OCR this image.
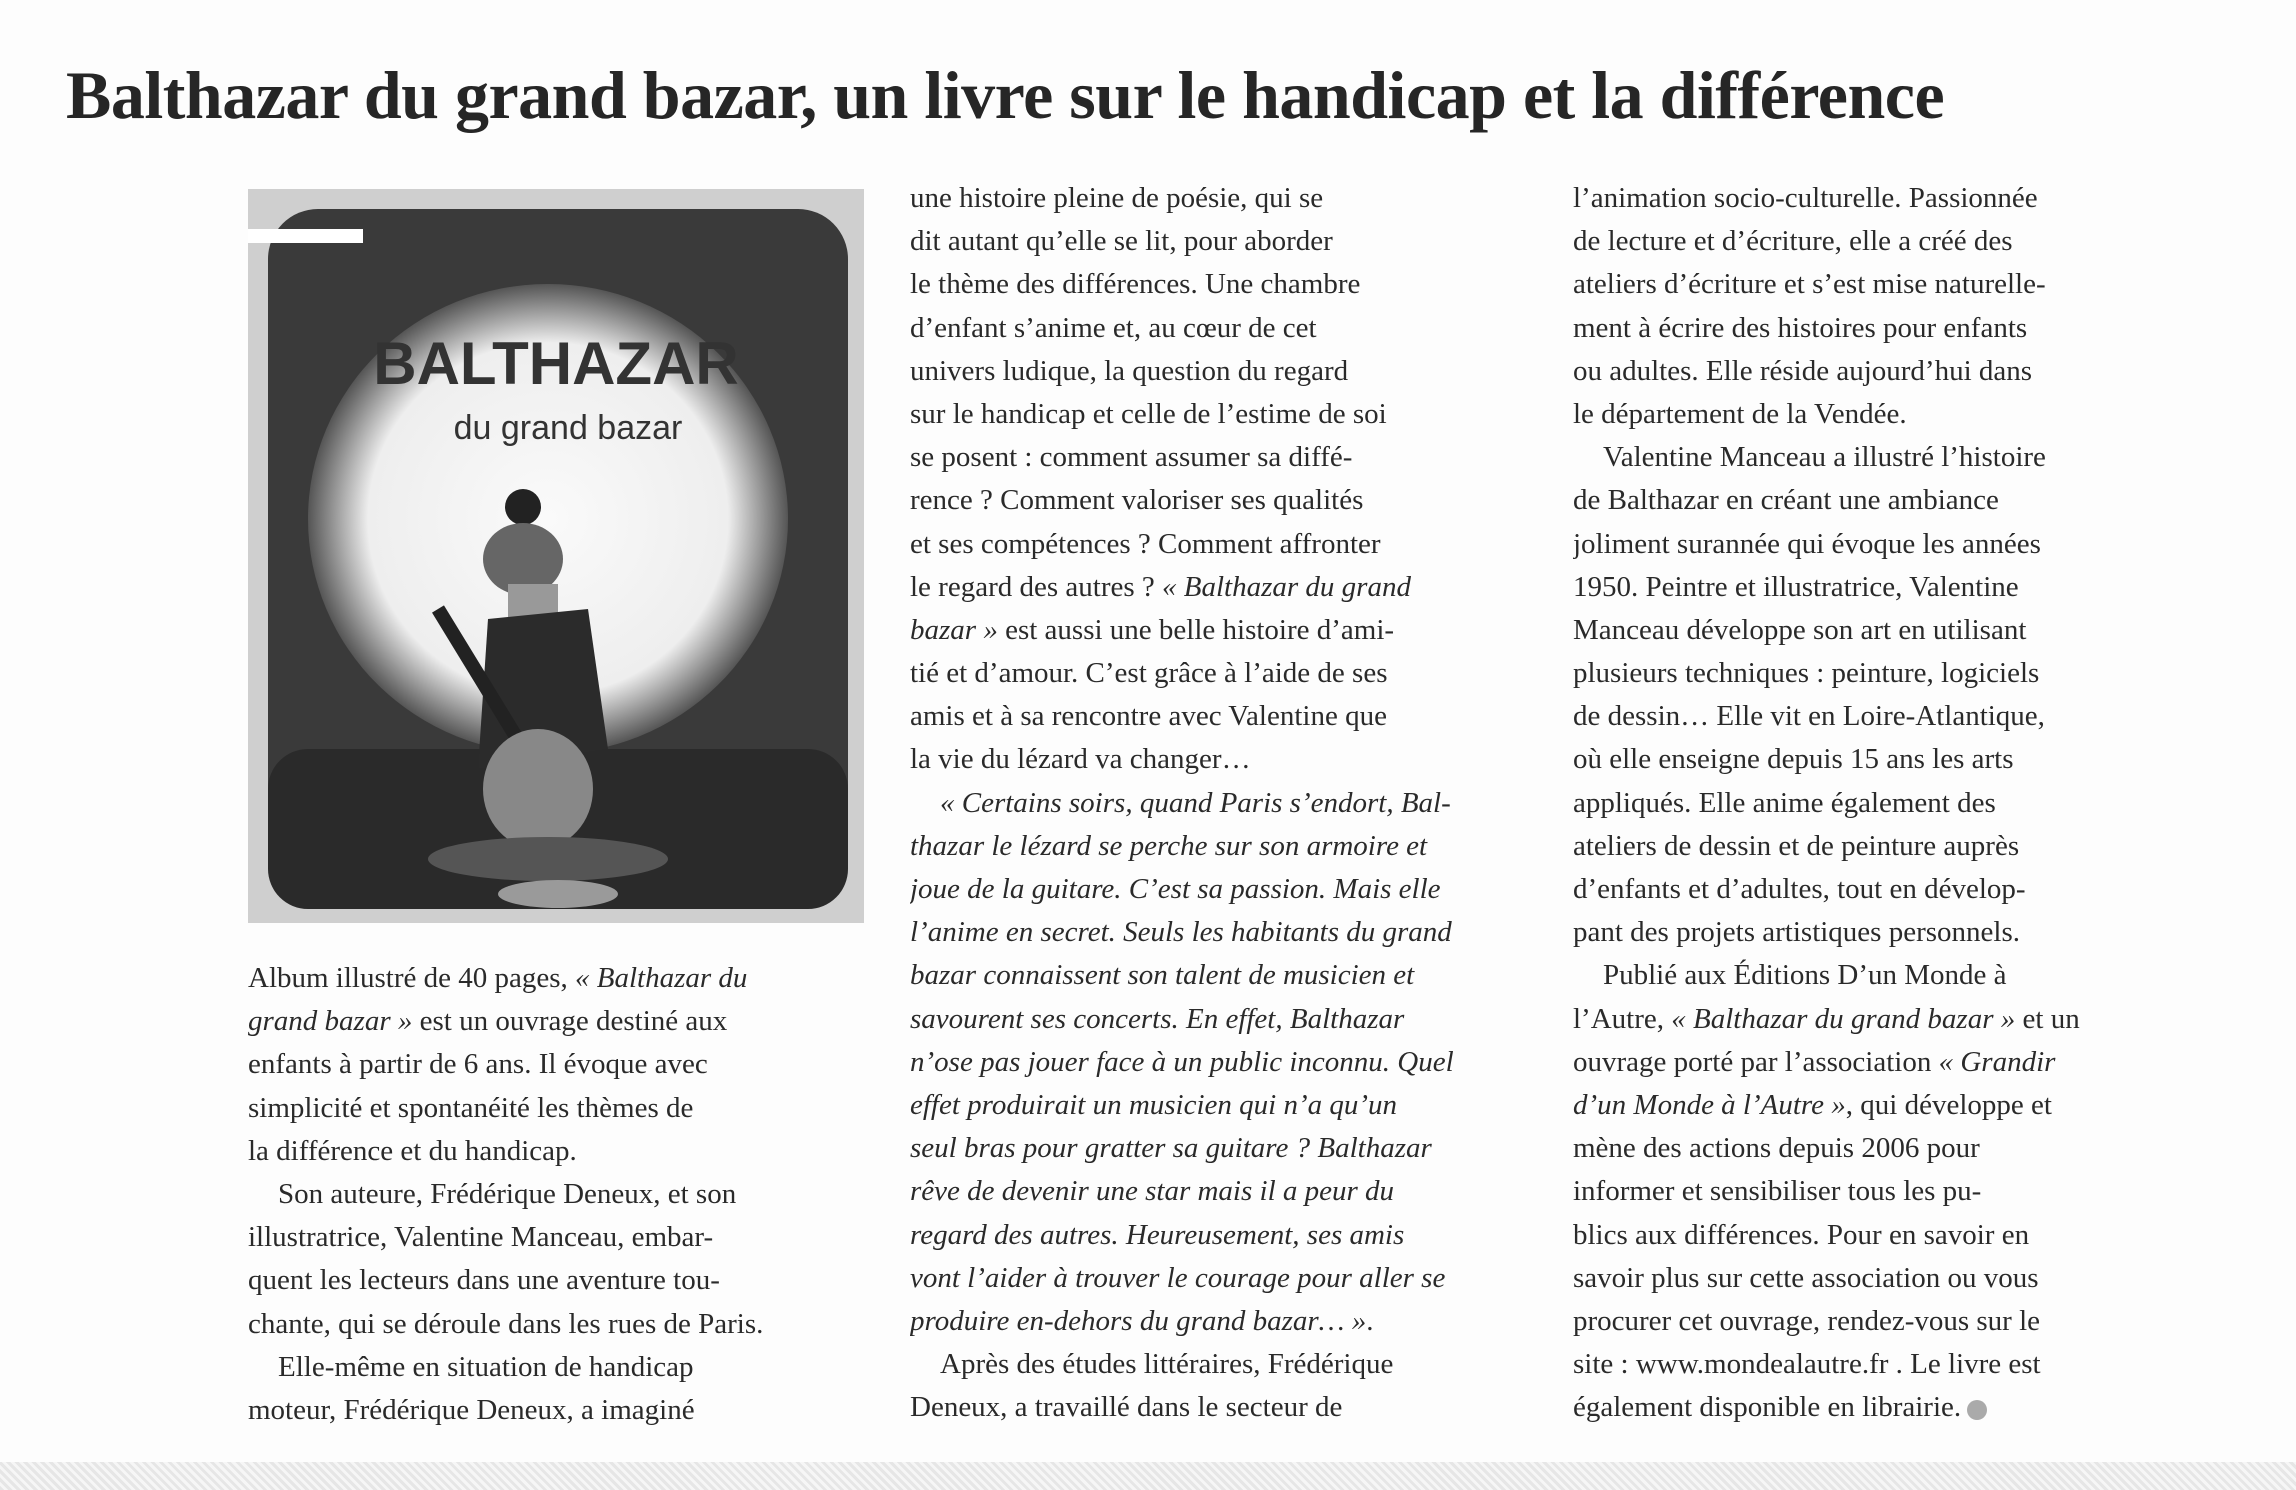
Balthazar du grand bazar, un livre sur le handicap et la différence
BALTHAZAR
du grand bazar
Album illustré de 40 pages, « Balthazar du
grand bazar » est un ouvrage destiné aux
enfants à partir de 6 ans. Il évoque avec
simplicité et spontanéité les thèmes de
la différence et du handicap.
Son auteure, Frédérique Deneux, et son
illustratrice, Valentine Manceau, embar-
quent les lecteurs dans une aventure tou-
chante, qui se déroule dans les rues de Paris.
Elle-même en situation de handicap
moteur, Frédérique Deneux, a imaginé
une histoire pleine de poésie, qui se
dit autant qu’elle se lit, pour aborder
le thème des différences. Une chambre
d’enfant s’anime et, au cœur de cet
univers ludique, la question du regard
sur le handicap et celle de l’estime de soi
se posent : comment assumer sa diffé-
rence ? Comment valoriser ses qualités
et ses compétences ? Comment affronter
le regard des autres ? « Balthazar du grand
bazar » est aussi une belle histoire d’ami-
tié et d’amour. C’est grâce à l’aide de ses
amis et à sa rencontre avec Valentine que
la vie du lézard va changer…
« Certains soirs, quand Paris s’endort, Bal-
thazar le lézard se perche sur son armoire et
joue de la guitare. C’est sa passion. Mais elle
l’anime en secret. Seuls les habitants du grand
bazar connaissent son talent de musicien et
savourent ses concerts. En effet, Balthazar
n’ose pas jouer face à un public inconnu. Quel
effet produirait un musicien qui n’a qu’un
seul bras pour gratter sa guitare ? Balthazar
rêve de devenir une star mais il a peur du
regard des autres. Heureusement, ses amis
vont l’aider à trouver le courage pour aller se
produire en-dehors du grand bazar… ».
Après des études littéraires, Frédérique
Deneux, a travaillé dans le secteur de
l’animation socio-culturelle. Passionnée
de lecture et d’écriture, elle a créé des
ateliers d’écriture et s’est mise naturelle-
ment à écrire des histoires pour enfants
ou adultes. Elle réside aujourd’hui dans
le département de la Vendée.
Valentine Manceau a illustré l’histoire
de Balthazar en créant une ambiance
joliment surannée qui évoque les années
1950. Peintre et illustratrice, Valentine
Manceau développe son art en utilisant
plusieurs techniques : peinture, logiciels
de dessin… Elle vit en Loire-Atlantique,
où elle enseigne depuis 15 ans les arts
appliqués. Elle anime également des
ateliers de dessin et de peinture auprès
d’enfants et d’adultes, tout en dévelop-
pant des projets artistiques personnels.
Publié aux Éditions D’un Monde à
l’Autre, « Balthazar du grand bazar » et un
ouvrage porté par l’association « Grandir
d’un Monde à l’Autre », qui développe et
mène des actions depuis 2006 pour
informer et sensibiliser tous les pu-
blics aux différences. Pour en savoir en
savoir plus sur cette association ou vous
procurer cet ouvrage, rendez-vous sur le
site : www.mondealautre.fr . Le livre est
également disponible en librairie.
